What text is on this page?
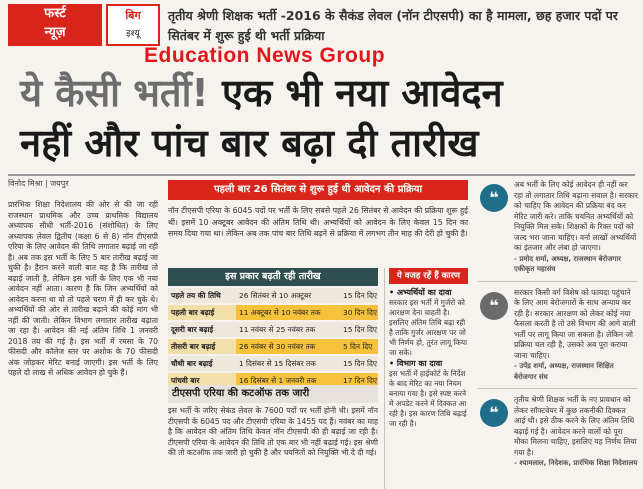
फर्स्ट
न्यूज़
बिग
इश्यू
तृतीय श्रेणी शिक्षक भर्ती -2016 के सैकंड लेवल (नॉन टीएसपी) का है मामला, छह हजार पदों पर सितंबर में शुरू हुई थी भर्ती प्रक्रिया
Education News Group
ये कैसी भर्ती! एक भी नया आवेदन
नहीं और पांच बार बढ़ा दी तारीख
विनोद मिश्रा | जयपुर
प्रारंभिक शिक्षा निदेशालय की ओर से की जा रही राजस्थान प्राथमिक और उच्च प्राथमिक विद्यालय अध्यापक सीधी भर्ती-2016 (संशोधित) के लिए अध्यापक लेवल द्वितीय (कक्षा 6 से 8) नॉन टीएसपी एरिया के लिए आवेदन की तिथि लगातार बढ़ाई जा रही है। अब तक इस भर्ती के लिए 5 बार तारीख बढ़ाई जा चुकी है। हैरान करने वाली बात यह है कि तारीख तो बढ़ाई जाती है, लेकिन इस भर्ती के लिए एक भी नया आवेदन नहीं आता। कारण है कि जिन अभ्यर्थियों को आवेदन करना था वो तो पहले चरण में ही कर चुके थे। अभ्यर्थियों की ओर से तारीख बढ़ाने की कोई मांग भी नहीं की जाती। लेकिन विभाग लगातार तारीख बढ़ाता जा रहा है। आवेदन की नई अंतिम तिथि 1 जनवरी 2018 तय की गई है। इस भर्ती में रमसा के 70 फीसदी और कॉलेज स्तर पर अशोक के 70 फीसदी अंक जोड़कर मेरिट बनाई जाएगी। इस भर्ती के लिए पहले दो लाख से अधिक आवेदन हो चुके हैं।
पहली बार 26 सितंबर से शुरू हुई थी आवेदन की प्रक्रिया
नॉन टीएसपी एरिया के 6045 पदों पर भर्ती के लिए सबसे पहले 26 सितंबर से आवेदन की प्रक्रिया शुरू हुई थी। इसमें 10 अक्टूबर आवेदन की अंतिम तिथि थी। अभ्यर्थियों को आवेदन के लिए केवल 15 दिन का समय दिया गया था। लेकिन अब तक पांच बार तिथि बढ़ने से प्रक्रिया में लगभग तीन माह की देरी हो चुकी है।
इस प्रकार बढ़ती रही तारीख
पहले तय की तिथि	26 सितंबर से 10 अक्टूबर	15 दिन दिए
पहली बार बढ़ाई	11 अक्टूबर से 10 नवंबर तक	30 दिन दिए
दूसरी बार बढ़ाई	11 नवंबर से 25 नवंबर तक	15 दिन दिए
तीसरी बार बढ़ाई	26 नवंबर से 30 नवंबर तक	5 दिन दिए
चौथी बार बढ़ाई	1 दिसंबर से 15 दिसंबर तक	15 दिन दिए
पांचवी बार	16 दिसंबर से 1 जनवरी तक	17 दिन दिए
टीएसपी एरिया की कटऑफ तक जारी
इस भर्ती के जरिए सेकंड लेवल के 7600 पदों पर भर्ती होनी थी। इसमें नॉन टीएसपी के 6045 पद और टीएसपी एरिया के 1455 पद हैं। नवंबर का माह है कि आवेदन की अंतिम तिथि केवल नॉन टीएसपी की ही बढ़ाई जा रही है। टीएसपी एरिया के आवेदन की तिथि तो एक बार भी नहीं बढ़ाई गई। इस श्रेणी की तो कटऑफ तक जारी हो चुकी है और चयनितों को नियुक्ति भी दे दी गई।
ये वजह रहें हैं कारण
• अभ्यर्थियों का दावा
सरकार इस भर्ती में गुर्जरों को आरक्षण देना चाहती है। इसलिए अंतिम तिथि बढ़ा रही है ताकि गुर्जर आरक्षण पर जो भी निर्णय हो, तुरंत लागू किया जा सके।
• विभाग का दावा
इस भर्ती में हाईकोर्ट के निर्देश के बाद मेरिट का नया नियम बनाया गया है। इसे स्पष्ट करने में अपडेट करने में दिक्कत आ रही है। इस कारण तिथि बढ़ाई जा रही है।
❝
अब भर्ती के लिए कोई आवेदन ही नहीं कर रहा तो लगातार तिथि बढ़ाना सवाल है। सरकार को चाहिए कि आवेदन की प्रक्रिया बंद कर मेरिट जारी करे। ताकि चयनित अभ्यर्थियों को नियुक्ति मिल सके। शिक्षकों के रिक्त पदों को जल्द भरा जाना चाहिए। वर्ना लाखों अभ्यर्थियों का इंतजार और लंबा हो जाएगा।
- प्रमोद शर्मा, अध्यक्ष, राजस्थान बेरोजगार एकीकृत महासंघ
❝
सरकार किसी वर्ग विशेष को फायदा पहुंचाने के लिए आम बेरोजगारों के साथ अन्याय कर रही है। सरकार आरक्षण को लेकर कोई नया फैसला करती है तो उसे विभाग की आगे वाली भर्ती पर लागू किया जा सकता है। लेकिन जो प्रक्रिया चल रही है, उसको अब पूरा कराया जाना चाहिए।
- उपेंद्र शर्मा, अध्यक्ष, राजस्थान शिक्षित बेरोजगार संघ
❝
तृतीय श्रेणी शिक्षक भर्ती के नए प्रावधान को लेकर सॉफ्टवेयर में कुछ तकनीकी दिक्कत आई थी। इसे ठीक करने के लिए अंतिम तिथि बढ़ाई गई है। आवेदन करने वालों को पूरा मौका मिलना चाहिए, इसलिए यह निर्णय लिया गया है।
- श्यामलाल, निदेशक, प्रारंभिक शिक्षा निदेशालय
